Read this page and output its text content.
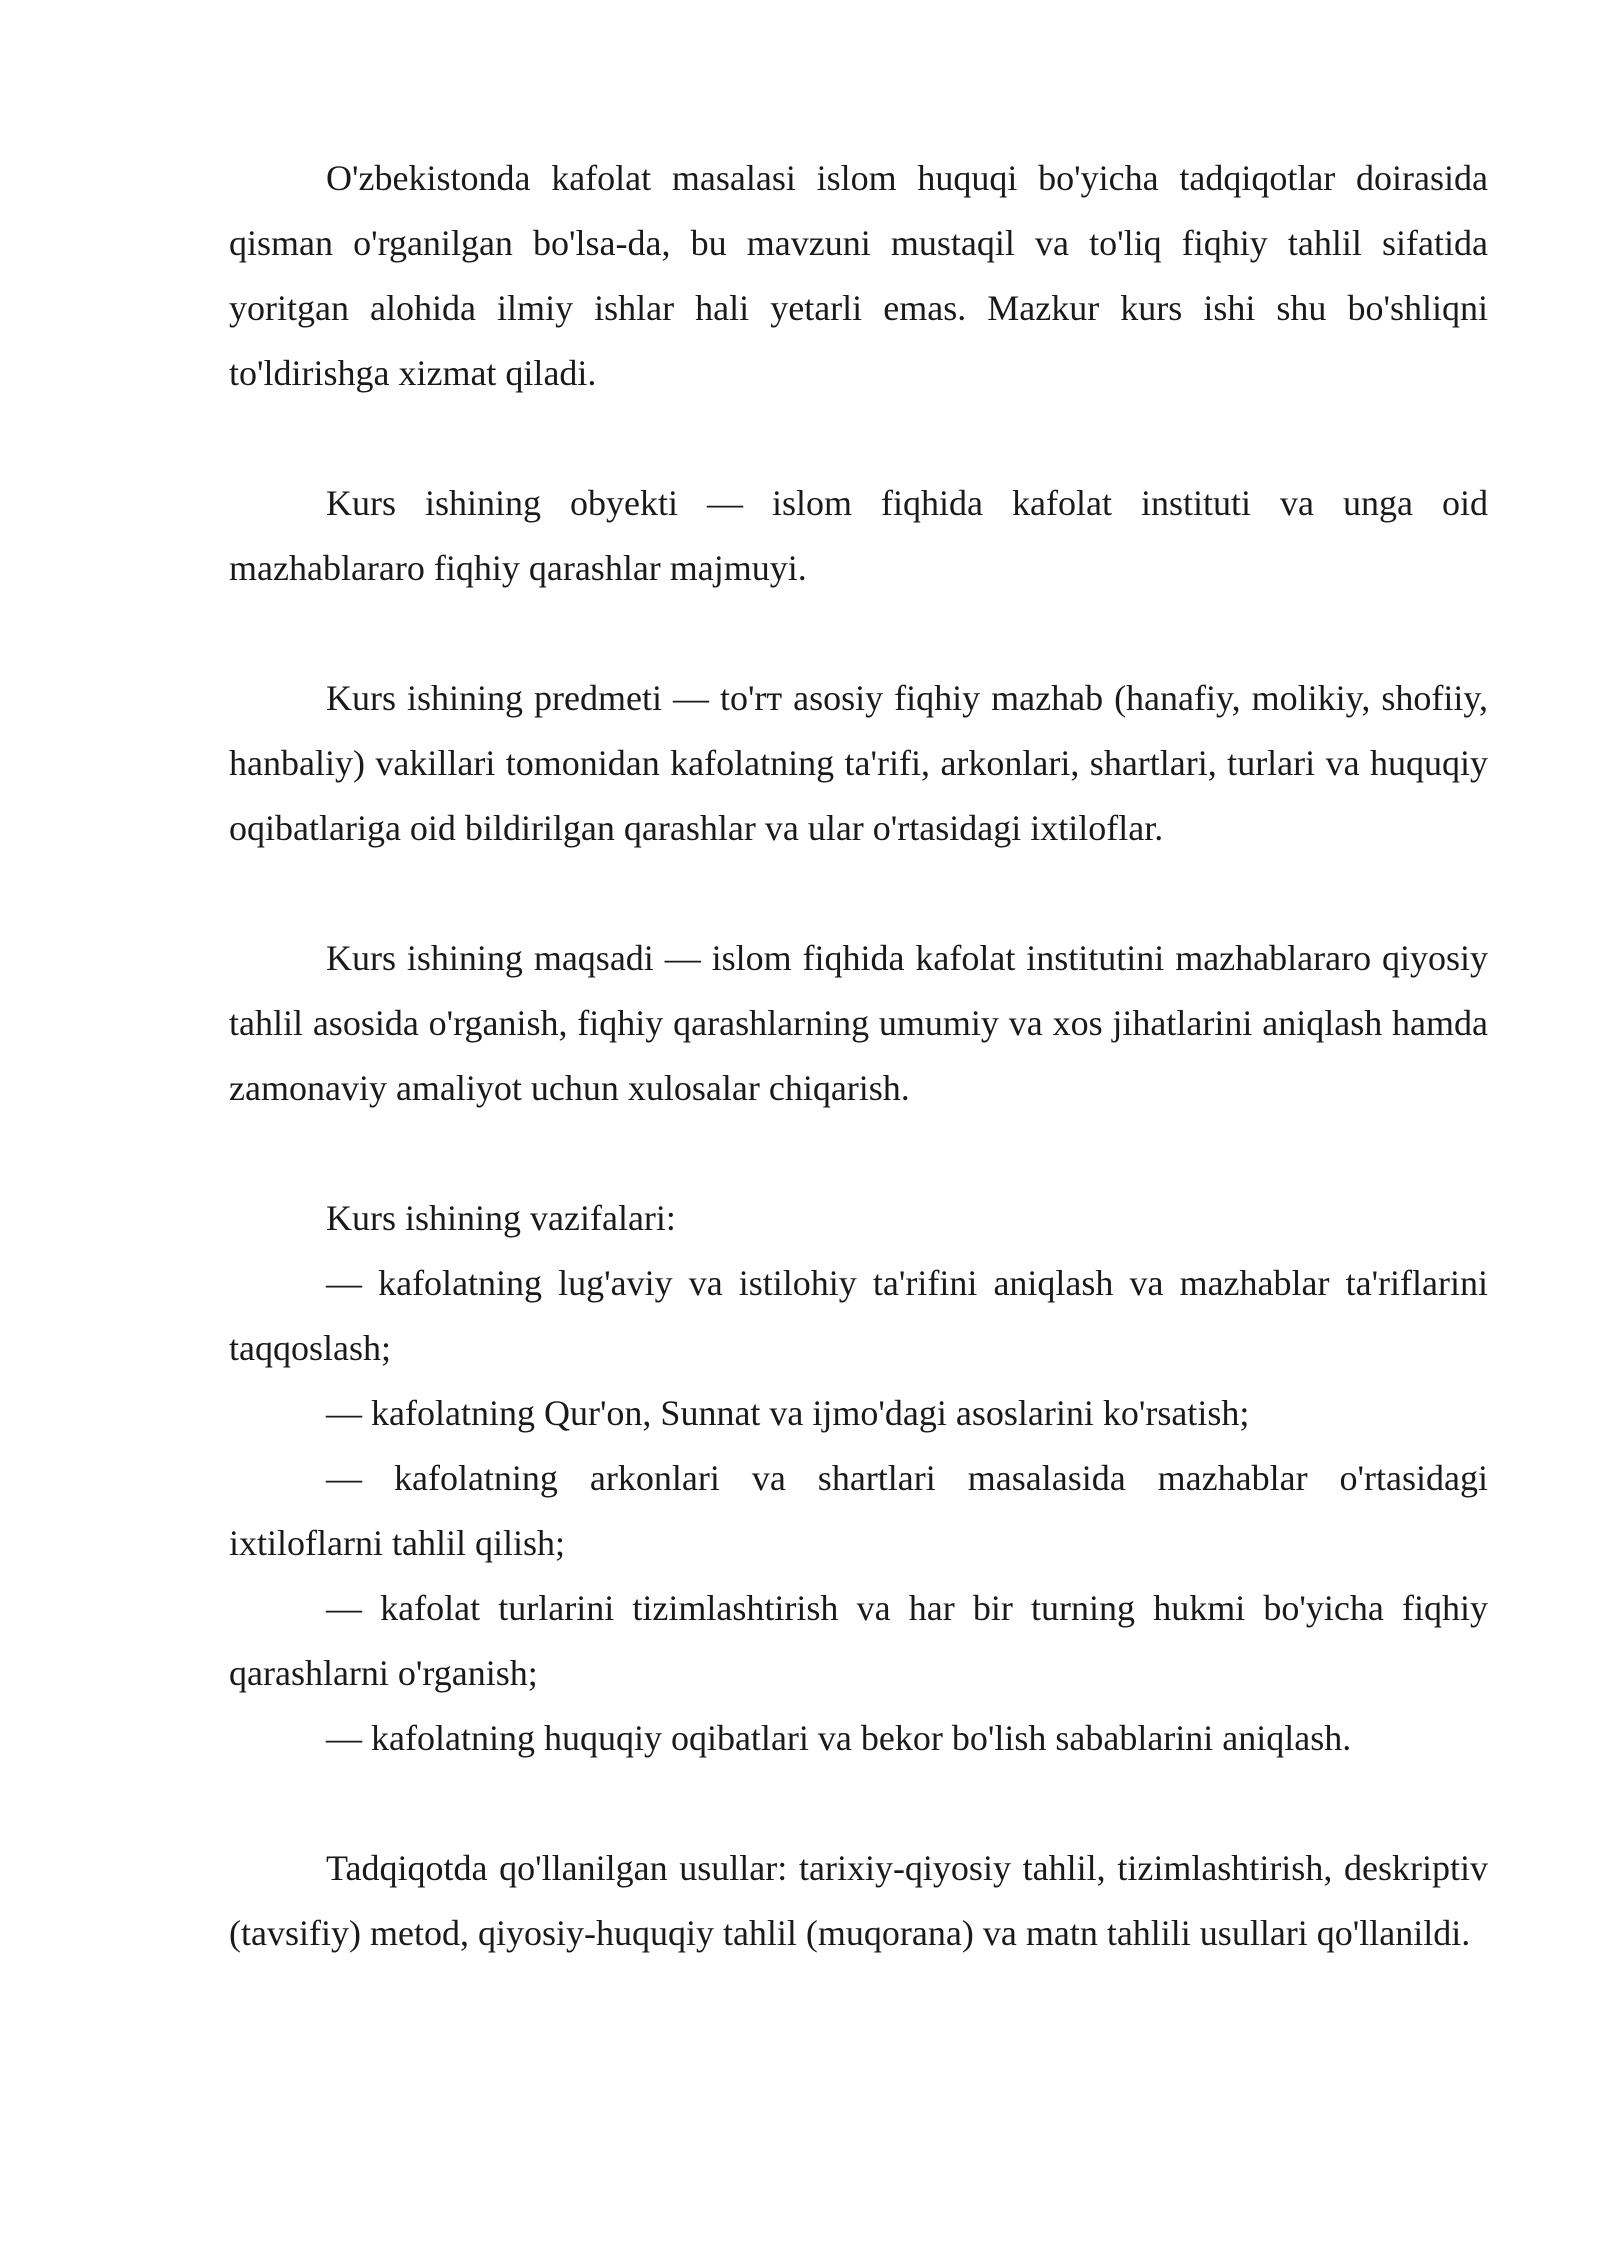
O'zbekistonda kafolat masalasi islom huquqi bo'yicha tadqiqotlar doirasida qisman o'rganilgan bo'lsa-da, bu mavzuni mustaqil va to'liq fiqhiy tahlil sifatida yoritgan alohida ilmiy ishlar hali yetarli emas. Mazkur kurs ishi shu bo'shliqni to'ldirishga xizmat qiladi.

Kurs ishining obyekti — islom fiqhida kafolat instituti va unga oid mazhablararo fiqhiy qarashlar majmuyi.

Kurs ishining predmeti — to'rт asosiy fiqhiy mazhab (hanafiy, molikiy, shofiiy, hanbaliy) vakillari tomonidan kafolatning ta'rifi, arkonlari, shartlari, turlari va huquqiy oqibatlariga oid bildirilgan qarashlar va ular o'rtasidagi ixtiloflar.

Kurs ishining maqsadi — islom fiqhida kafolat institutini mazhablararo qiyosiy tahlil asosida o'rganish, fiqhiy qarashlarning umumiy va xos jihatlarini aniqlash hamda zamonaviy amaliyot uchun xulosalar chiqarish.

Kurs ishining vazifalari:

— kafolatning lug'aviy va istilohiy ta'rifini aniqlash va mazhablar ta'riflarini taqqoslash;
— kafolatning Qur'on, Sunnat va ijmo'dagi asoslarini ko'rsatish;
— kafolatning arkonlari va shartlari masalasida mazhablar o'rtasidagi ixtiloflarni tahlil qilish;
— kafolat turlarini tizimlashtirish va har bir turning hukmi bo'yicha fiqhiy qarashlarni o'rganish;
— kafolatning huquqiy oqibatlari va bekor bo'lish sabablarini aniqlash.

Tadqiqotda qo'llanilgan usullar: tarixiy-qiyosiy tahlil, tizimlashtirish, deskriptiv (tavsifiy) metod, qiyosiy-huquqiy tahlil (muqorana) va matn tahlili usullari qo'llanildi.
